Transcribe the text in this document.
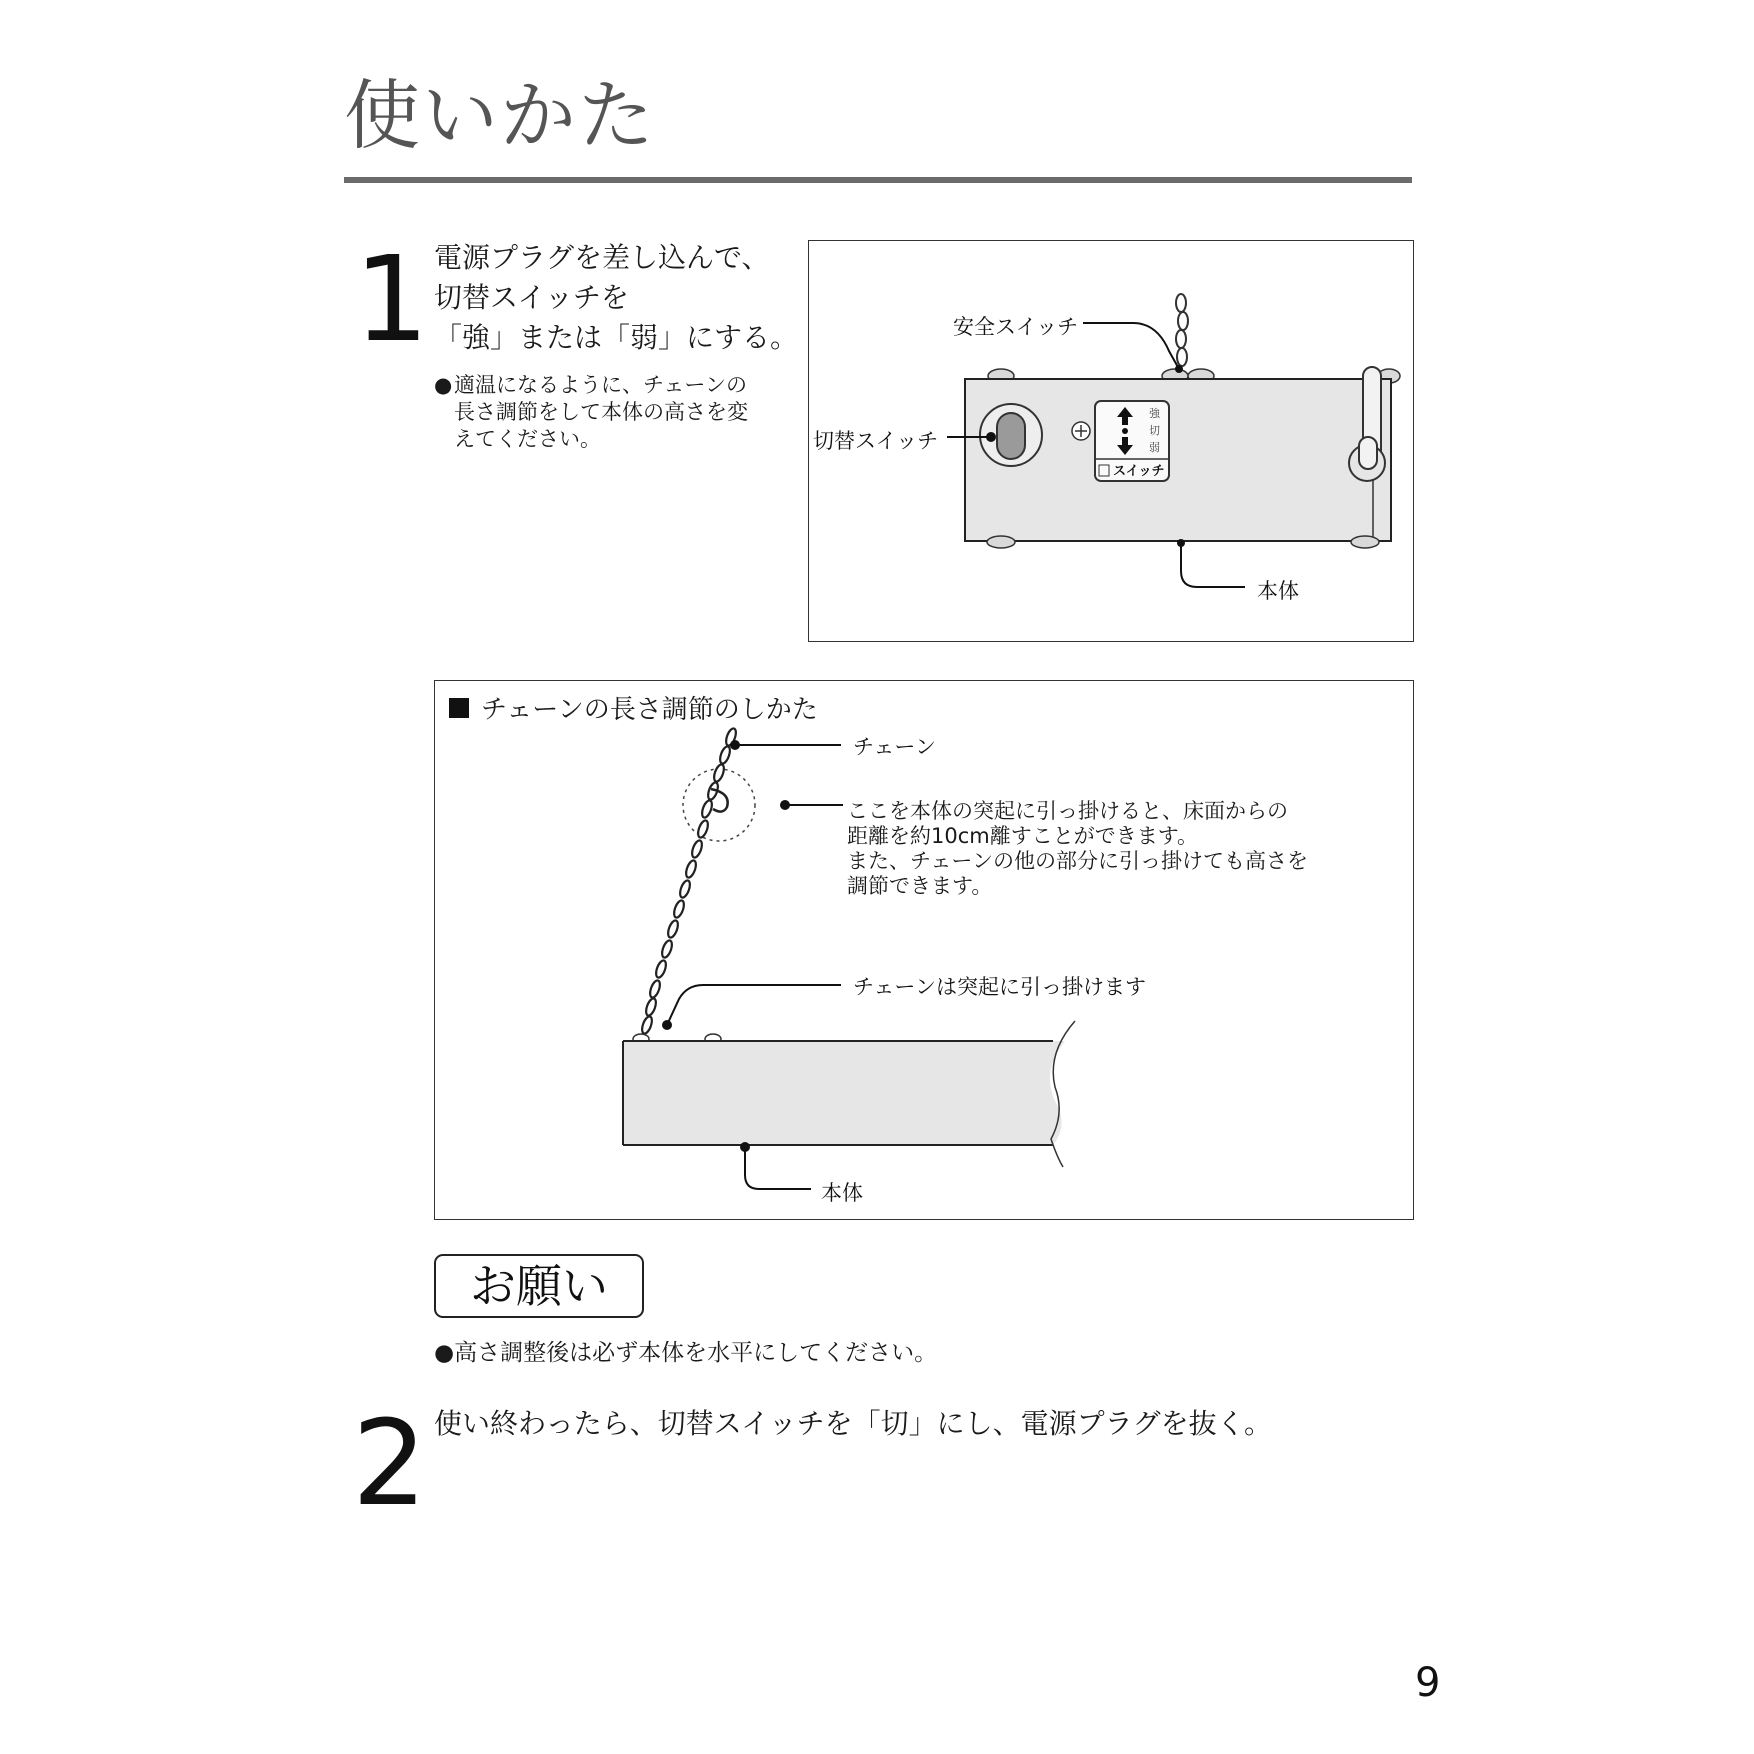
使いかた
1 電源プラグを差し込んで、
切替スイッチを
「強」または「弱」にする。
● 適温になるように、チェーンの
長さ調節をして本体の高さを変
えてください。
強
切
弱
スイッチ
安全スイッチ
切替スイッチ
本体
チェーンの長さ調節のしかた
チェーン
ここを本体の突起に引っ掛けると、床面からの
距離を約10cm離すことができます。
また、チェーンの他の部分に引っ掛けても高さを
調節できます。
チェーンは突起に引っ掛けます
本体
お願い
●高さ調整後は必ず本体を水平にしてください。
2 使い終わったら、切替スイッチを「切」にし、電源プラグを抜く。
9
